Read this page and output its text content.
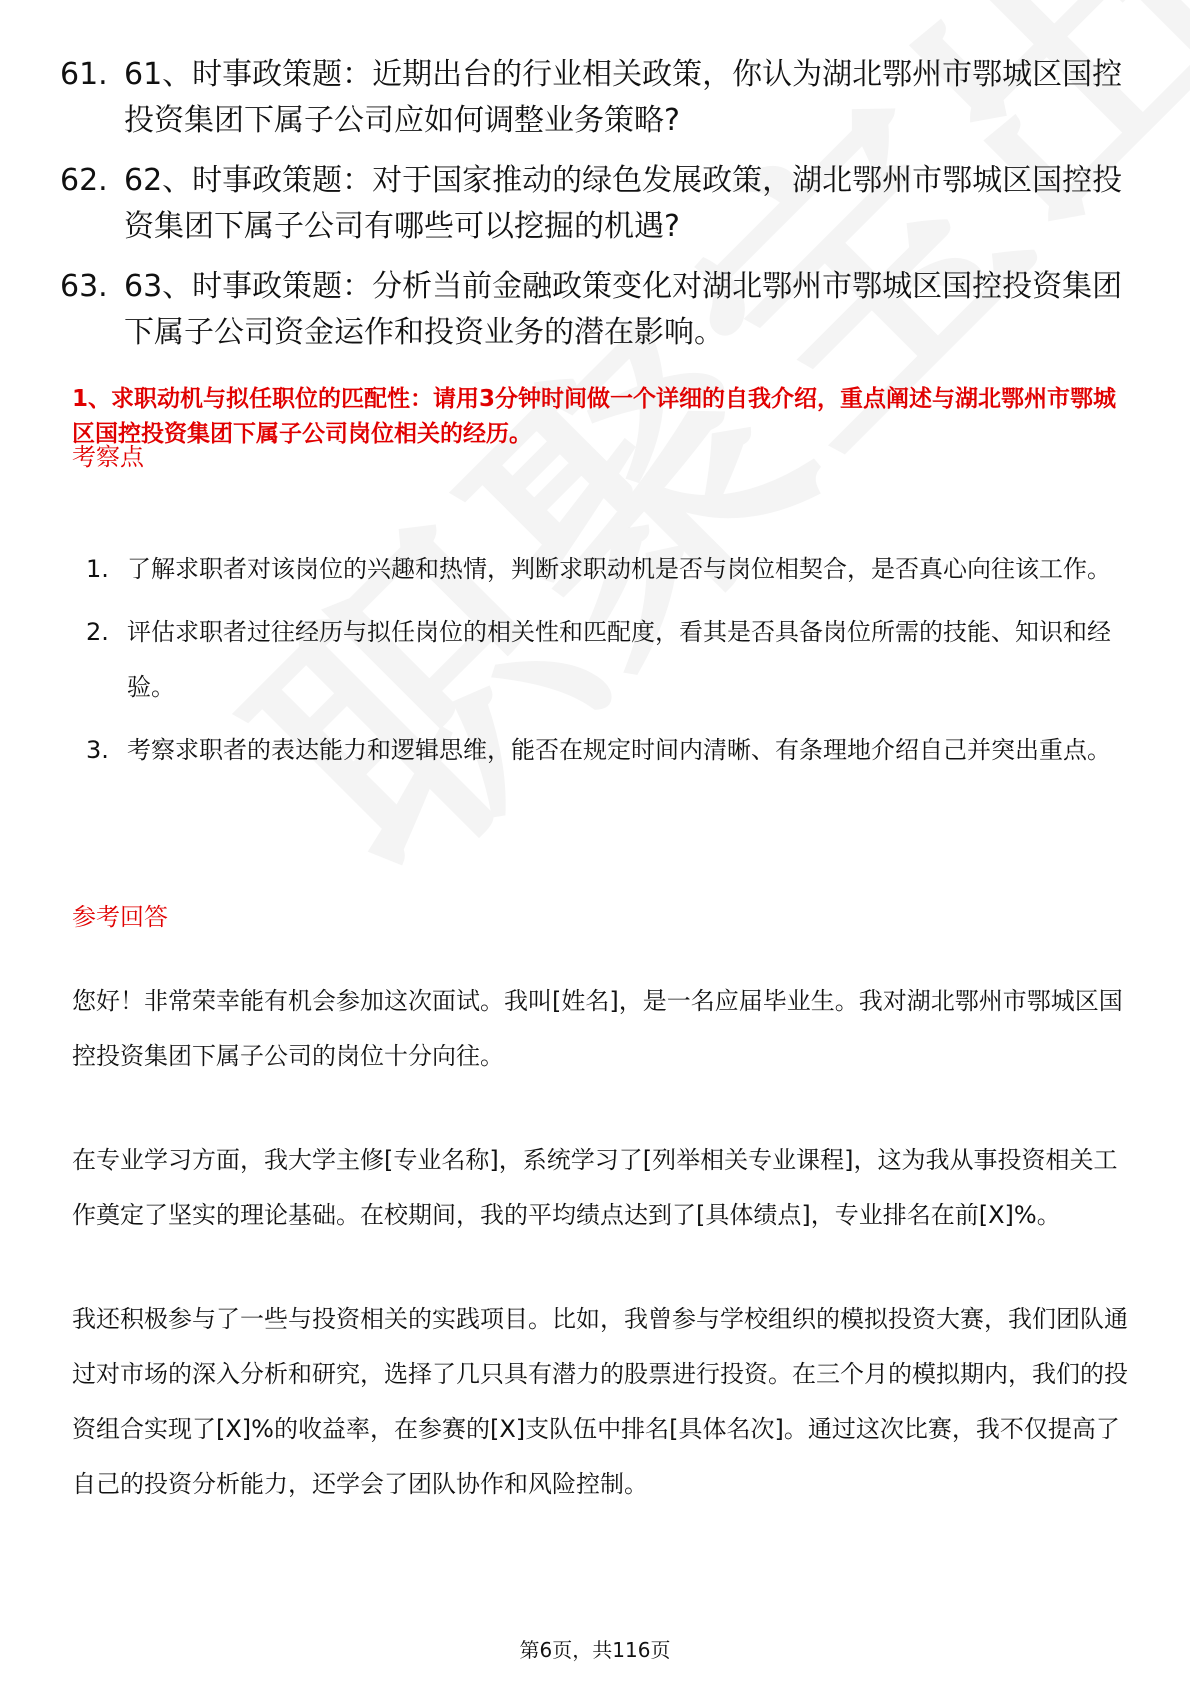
61. 61、时事政策题：近期出台的行业相关政策，你认为湖北鄂州市鄂城区国控投资集团下属子公司应如何调整业务策略?
62. 62、时事政策题：对于国家推动的绿色发展政策，湖北鄂州市鄂城区国控投资集团下属子公司有哪些可以挖掘的机遇?
63. 63、时事政策题：分析当前金融政策变化对湖北鄂州市鄂城区国控投资集团下属子公司资金运作和投资业务的潜在影响。
1、求职动机与拟任职位的匹配性：请用3分钟时间做一个详细的自我介绍，重点阐述与湖北鄂州市鄂城区国控投资集团下属子公司岗位相关的经历。
考察点
1. 了解求职者对该岗位的兴趣和热情，判断求职动机是否与岗位相契合，是否真心向往该工作。
2. 评估求职者过往经历与拟任岗位的相关性和匹配度，看其是否具备岗位所需的技能、知识和经验。
3. 考察求职者的表达能力和逻辑思维，能否在规定时间内清晰、有条理地介绍自己并突出重点。
参考回答

您好！非常荣幸能有机会参加这次面试。我叫[姓名]，是一名应届毕业生。我对湖北鄂州市鄂城区国控投资集团下属子公司的岗位十分向往。

在专业学习方面，我大学主修[专业名称]，系统学习了[列举相关专业课程]，这为我从事投资相关工作奠定了坚实的理论基础。在校期间，我的平均绩点达到了[具体绩点]，专业排名在前[X]%。

我还积极参与了一些与投资相关的实践项目。比如，我曾参与学校组织的模拟投资大赛，我们团队通过对市场的深入分析和研究，选择了几只具有潜力的股票进行投资。在三个月的模拟期内，我们的投资组合实现了[X]%的收益率，在参赛的[X]支队伍中排名[具体名次]。通过这次比赛，我不仅提高了自己的投资分析能力，还学会了团队协作和风险控制。

第6页，共116页
